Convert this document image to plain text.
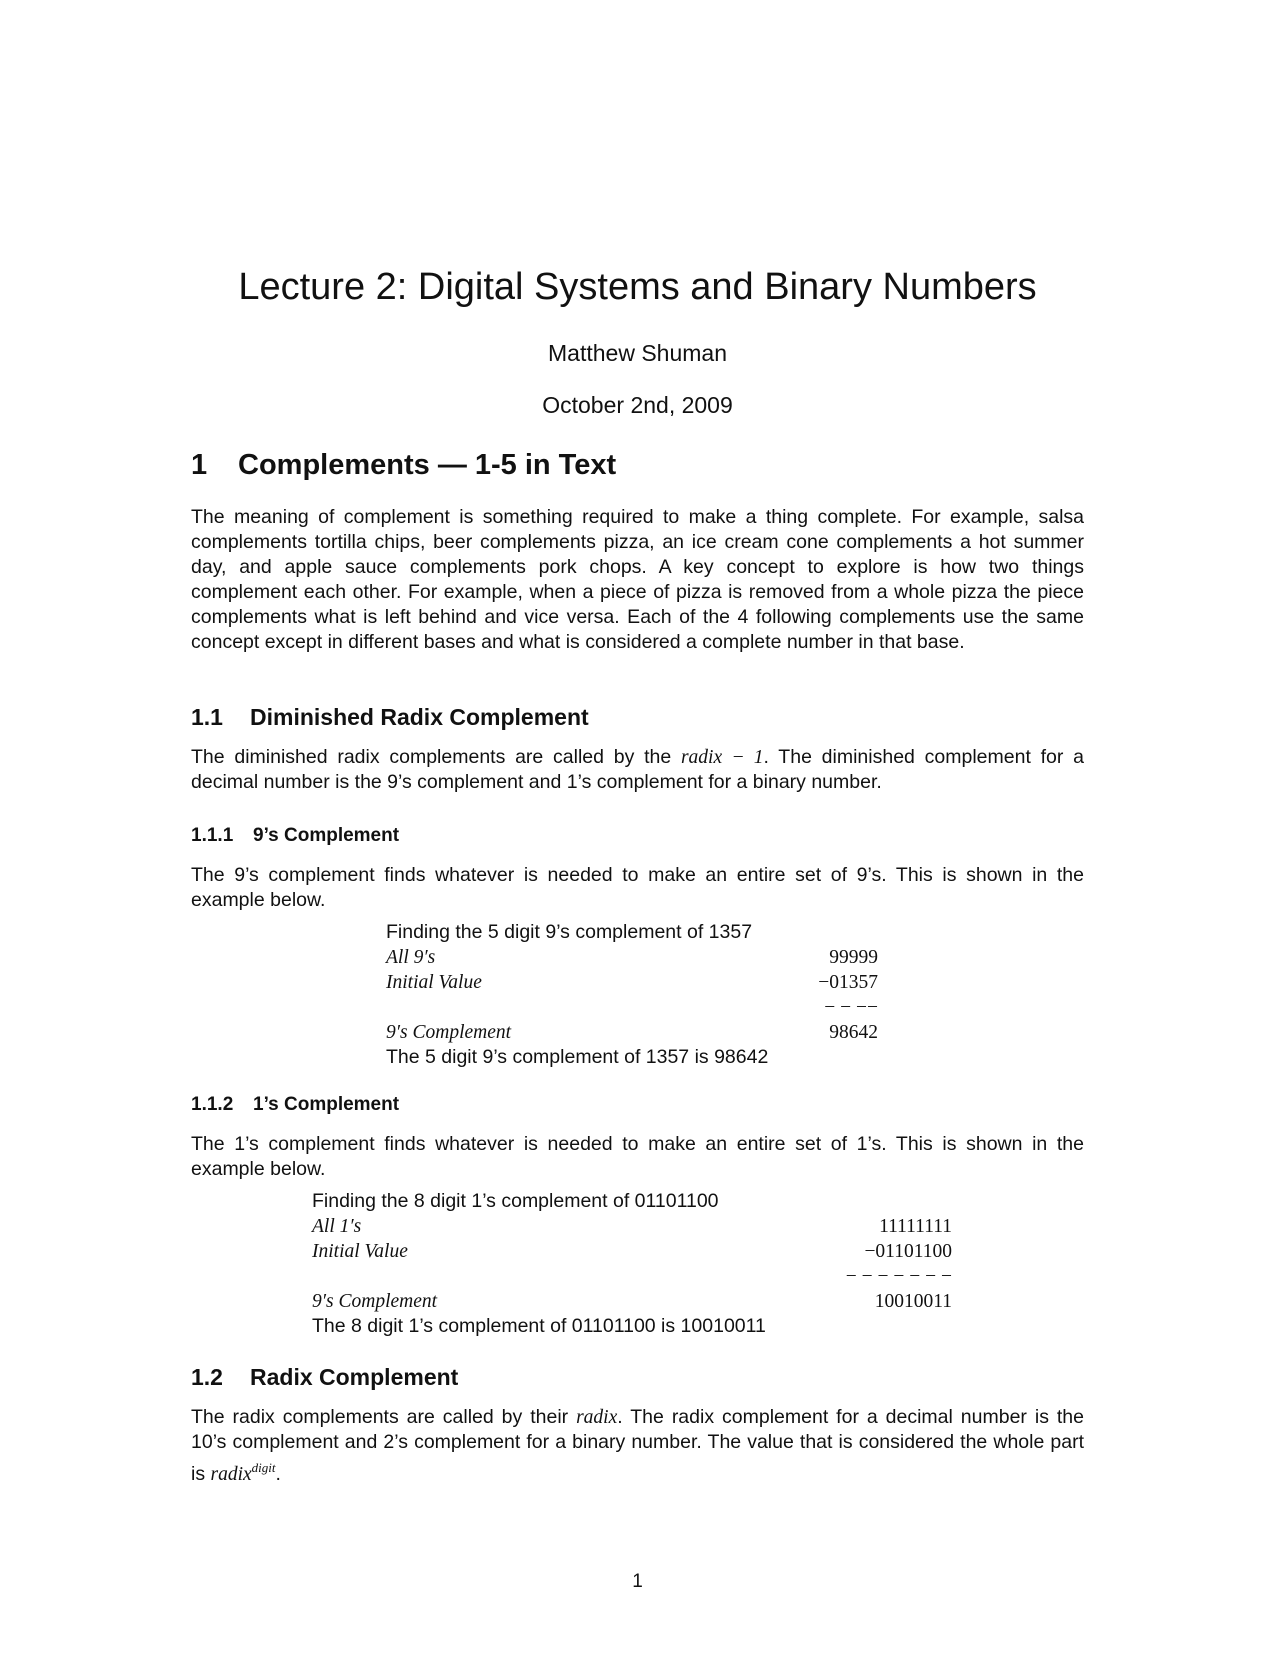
Lecture 2: Digital Systems and Binary Numbers
Matthew Shuman
October 2nd, 2009
1 Complements — 1-5 in Text

The meaning of complement is something required to make a thing complete. For example, salsa complements tortilla chips, beer complements pizza, an ice cream cone complements a hot summer day, and apple sauce complements pork chops. A key concept to explore is how two things complement each other. For example, when a piece of pizza is removed from a whole pizza the piece complements what is left behind and vice versa. Each of the 4 following complements use the same concept except in different bases and what is considered a complete number in that base.

1.1 Diminished Radix Complement

The diminished radix complements are called by the radix − 1. The diminished complement for a decimal number is the 9’s complement and 1’s complement for a binary number.

1.1.1 9’s Complement

The 9’s complement finds whatever is needed to make an entire set of 9’s. This is shown in the example below.

Finding the 5 digit 9’s complement of 1357
All 9′s	99999
Initial Value	−01357
− − −−
9′s Complement	98642
The 5 digit 9’s complement of 1357 is 98642
1.1.2 1’s Complement

The 1’s complement finds whatever is needed to make an entire set of 1’s. This is shown in the example below.

Finding the 8 digit 1’s complement of 01101100
All 1′s	11111111
Initial Value	−01101100
− − − − − − −
9′s Complement	10010011
The 8 digit 1’s complement of 01101100 is 10010011
1.2 Radix Complement

The radix complements are called by their radix. The radix complement for a decimal number is the 10’s complement and 2’s complement for a binary number. The value that is considered the whole part is radix$^{digit}$.

1
